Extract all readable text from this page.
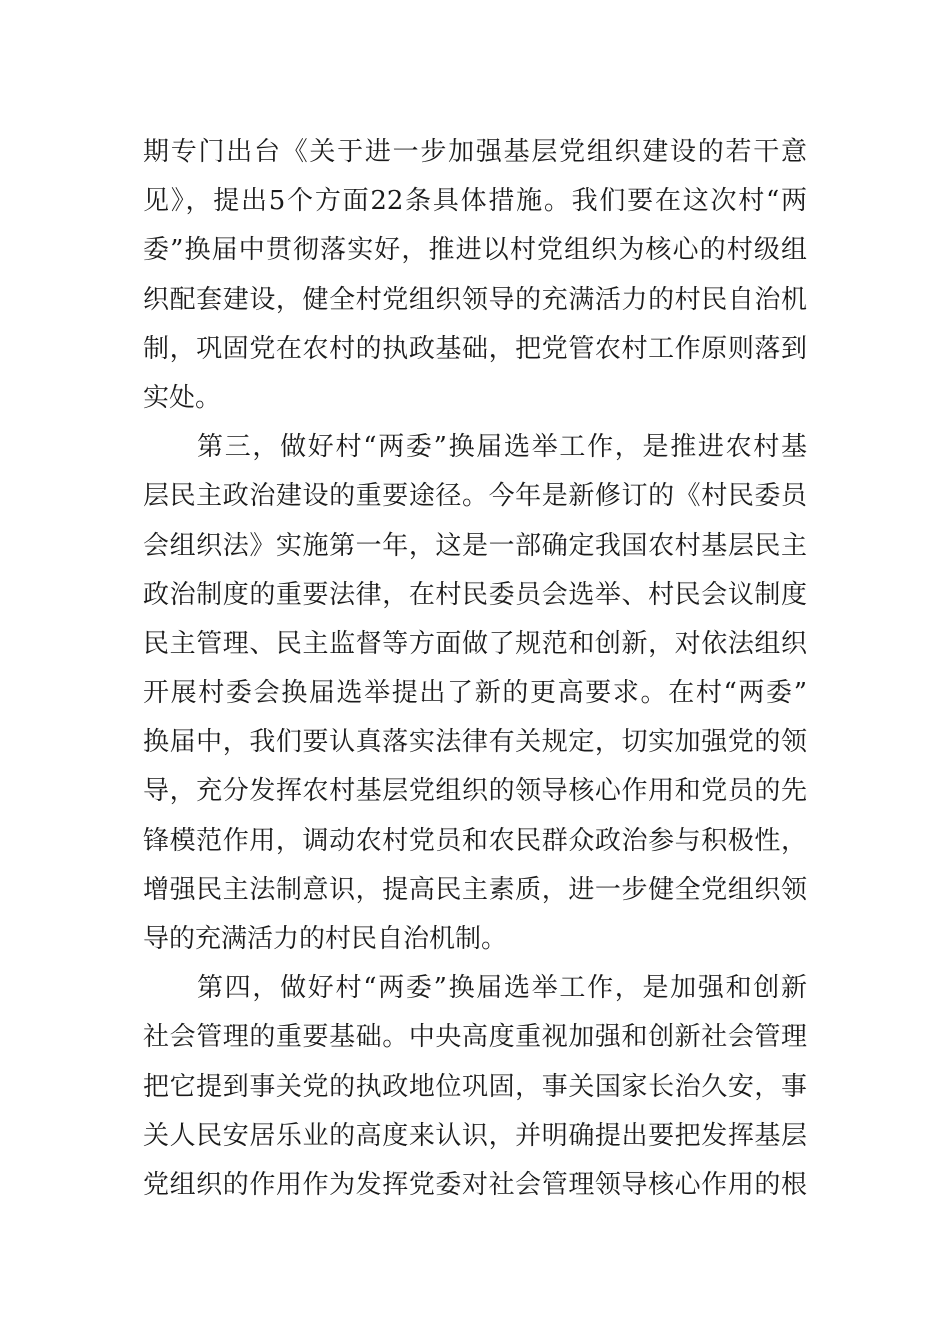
期专门出台《关于进一步加强基层党组织建设的若干意
见》，提出5个方面22条具体措施。我们要在这次村“两
委”换届中贯彻落实好，推进以村党组织为核心的村级组
织配套建设，健全村党组织领导的充满活力的村民自治机
制，巩固党在农村的执政基础，把党管农村工作原则落到
实处。
第三，做好村“两委”换届选举工作，是推进农村基
层民主政治建设的重要途径。今年是新修订的《村民委员
会组织法》实施第一年，这是一部确定我国农村基层民主
政治制度的重要法律，在村民委员会选举、村民会议制度
民主管理、民主监督等方面做了规范和创新，对依法组织
开展村委会换届选举提出了新的更高要求。在村“两委”
换届中，我们要认真落实法律有关规定，切实加强党的领
导，充分发挥农村基层党组织的领导核心作用和党员的先
锋模范作用，调动农村党员和农民群众政治参与积极性，
增强民主法制意识，提高民主素质，进一步健全党组织领
导的充满活力的村民自治机制。
第四，做好村“两委”换届选举工作，是加强和创新
社会管理的重要基础。中央高度重视加强和创新社会管理
把它提到事关党的执政地位巩固，事关国家长治久安，事
关人民安居乐业的高度来认识，并明确提出要把发挥基层
党组织的作用作为发挥党委对社会管理领导核心作用的根
